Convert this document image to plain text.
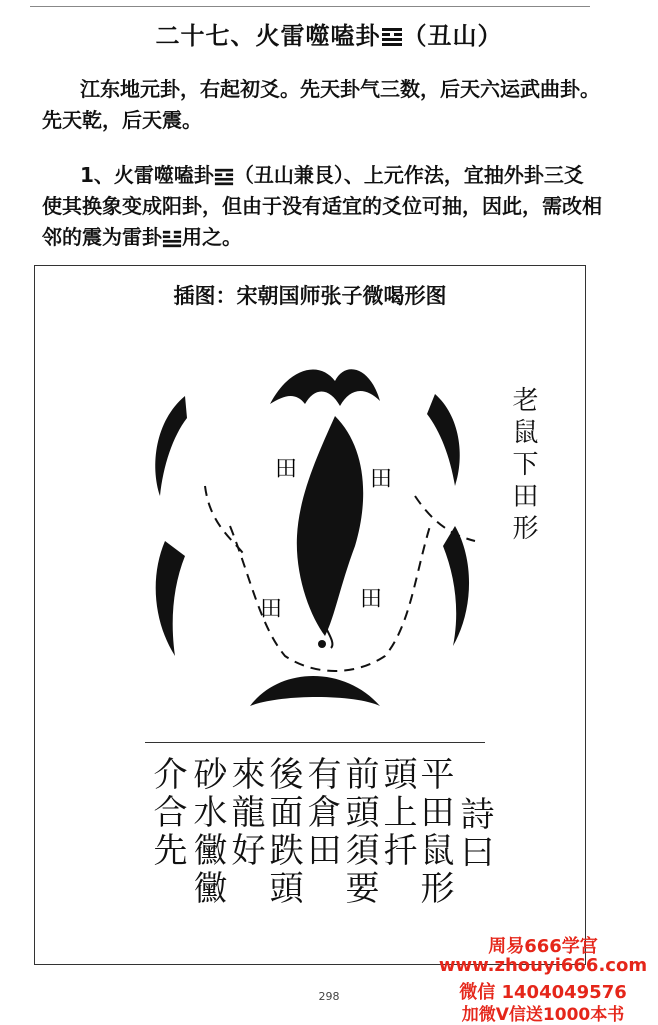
二十七、火雷噬嗑卦 （丑山）
江东地元卦，右起初爻。先天卦气三数，后天六运武曲卦。先天乾，后天震。
1、火雷噬嗑卦 （丑山兼艮）、上元作法，宜抽外卦三爻使其换象变成阳卦，但由于没有适宜的爻位可抽，因此，需改相邻的震为雷卦 用之。
插图：宋朝国师张子微喝形图
田	田
田	田
老鼠下田形
詩曰
平田鼠形
頭上扦
前頭須要
有倉田
後面跌頭
來龍好
砂水黴黴
介合先
298
周易666学宫
www.zhouyi666.com
微信 1404049576
加微V信送1000本书
